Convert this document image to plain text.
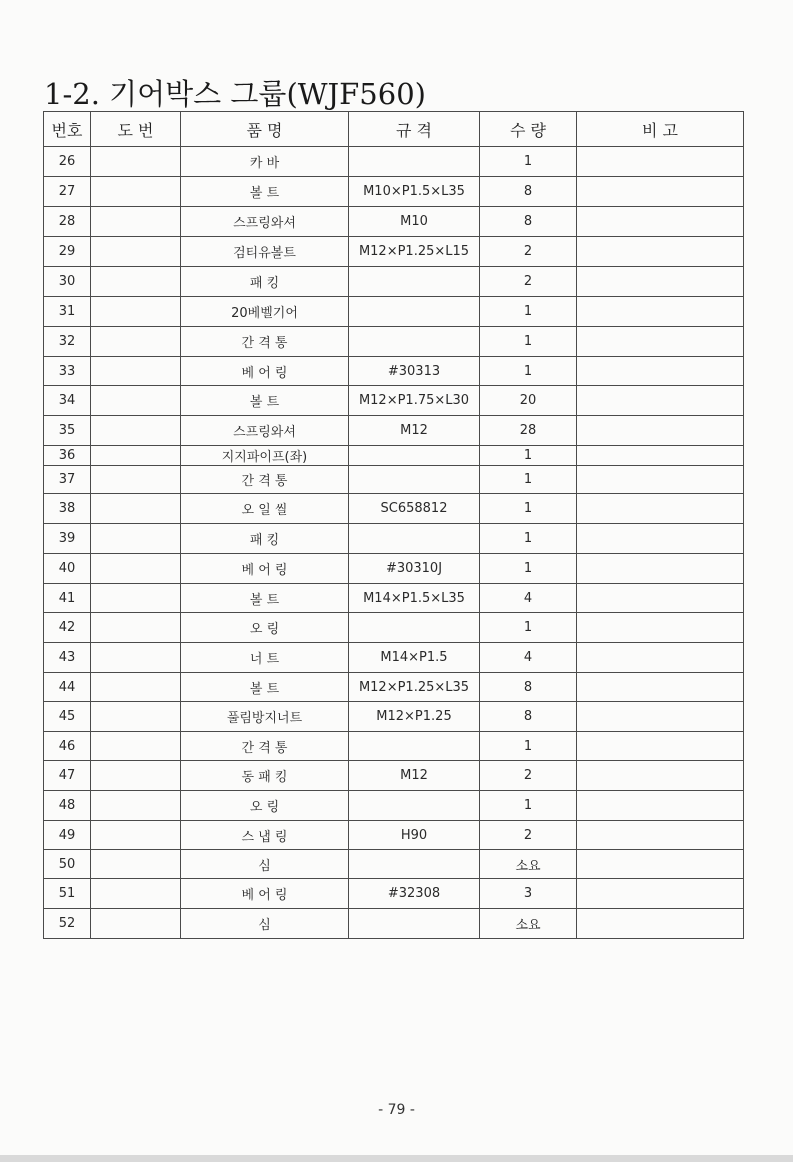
1-2. 기어박스 그룹(WJF560)
번호	도 번	품 명	규 격	수 량	비 고
26		카 바		1	
27		볼 트	M10×P1.5×L35	8	
28		스프링와셔	M10	8	
29		검티유볼트	M12×P1.25×L15	2	
30		패 킹		2	
31		20베벨기어		1	
32		간 격 통		1	
33		베 어 링	#30313	1	
34		볼 트	M12×P1.75×L30	20	
35		스프링와셔	M12	28	
36		지지파이프(좌)		1	
37		간 격 통		1	
38		오 일 씰	SC658812	1	
39		패 킹		1	
40		베 어 링	#30310J	1	
41		볼 트	M14×P1.5×L35	4	
42		오 링		1	
43		너 트	M14×P1.5	4	
44		볼 트	M12×P1.25×L35	8	
45		풀림방지너트	M12×P1.25	8	
46		간 격 통		1	
47		동 패 킹	M12	2	
48		오 링		1	
49		스 냅 링	H90	2	
50		심		소요	
51		베 어 링	#32308	3	
52		심		소요	
- 79 -
